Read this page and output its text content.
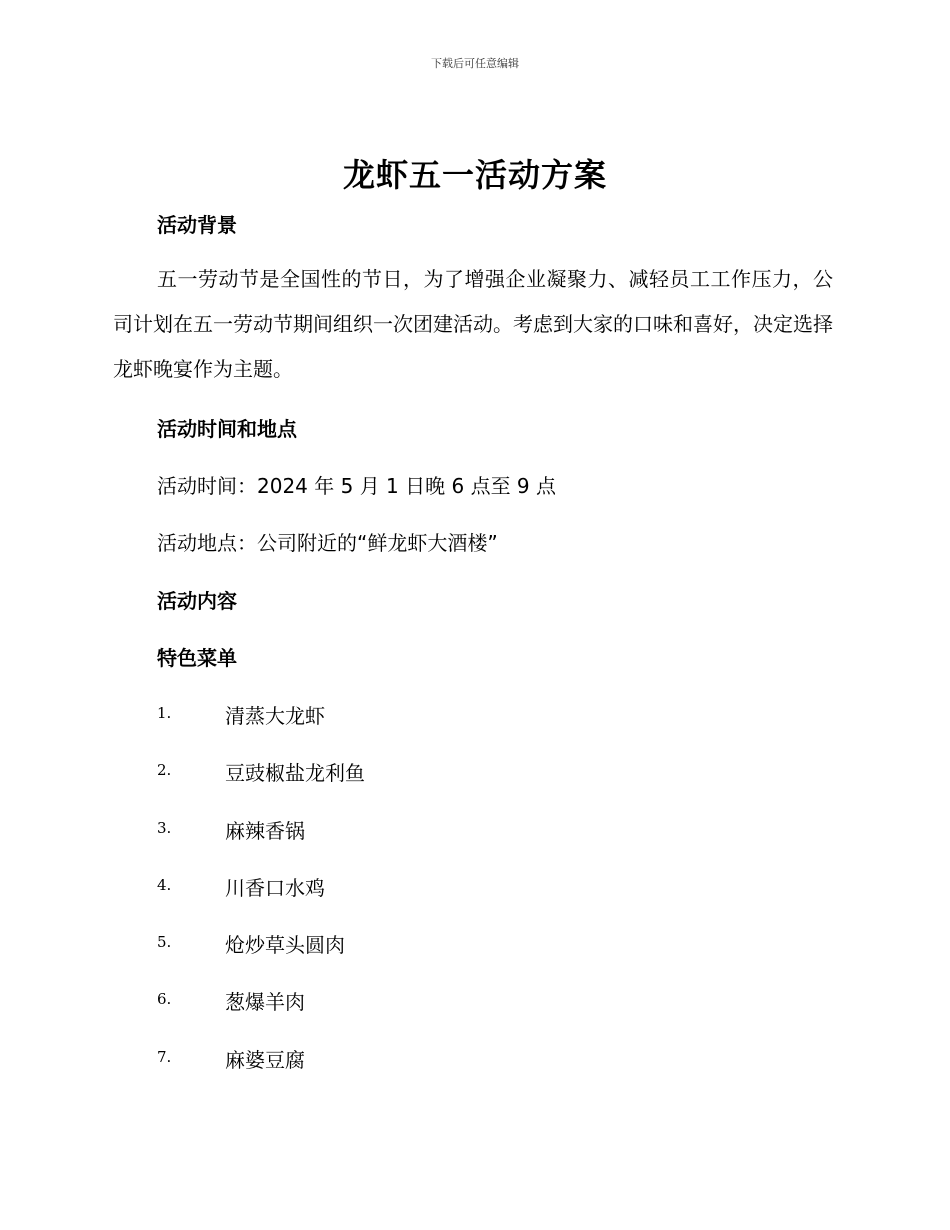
下载后可任意编辑
龙虾五一活动方案
活动背景

五一劳动节是全国性的节日，为了增强企业凝聚力、减轻员工工作压力，公司计划在五一劳动节期间组织一次团建活动。考虑到大家的口味和喜好，决定选择龙虾晚宴作为主题。

活动时间和地点

活动时间：2024 年 5 月 1 日晚 6 点至 9 点

活动地点：公司附近的“鲜龙虾大酒楼”

活动内容
特色菜单
1.	清蒸大龙虾
2.	豆豉椒盐龙利鱼
3.	麻辣香锅
4.	川香口水鸡
5.	炝炒草头圆肉
6.	葱爆羊肉
7.	麻婆豆腐
